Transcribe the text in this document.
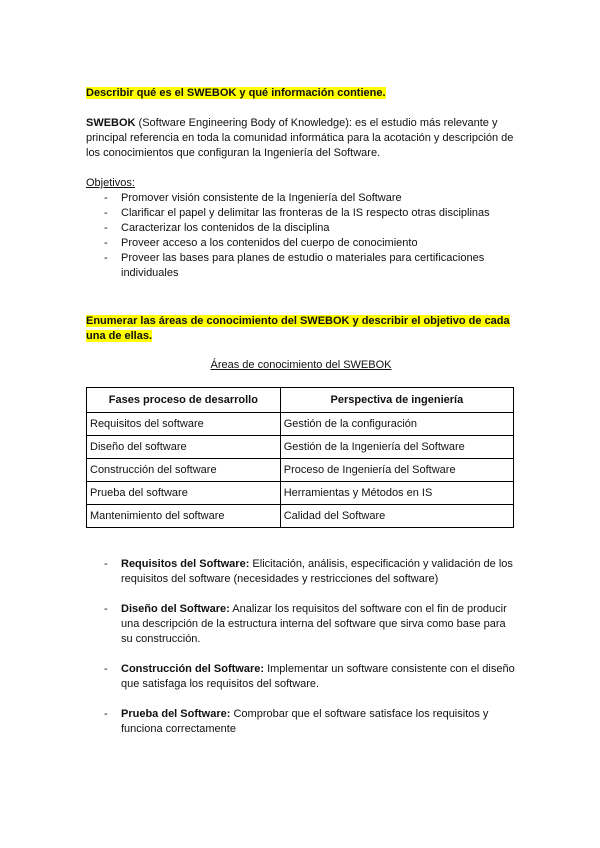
Describir qué es el SWEBOK y qué información contiene.

SWEBOK (Software Engineering Body of Knowledge): es el estudio más relevante y principal referencia en toda la comunidad informática para la acotación y descripción de los conocimientos que configuran la Ingeniería del Software.

Objetivos:

- Promover visión consistente de la Ingeniería del Software
- Clarificar el papel y delimitar las fronteras de la IS respecto otras disciplinas
- Caracterizar los contenidos de la disciplina
- Proveer acceso a los contenidos del cuerpo de conocimiento
- Proveer las bases para planes de estudio o materiales para certificaciones individuales

Enumerar las áreas de conocimiento del SWEBOK y describir el objetivo de cada una de ellas.

Áreas de conocimiento del SWEBOK

Fases proceso de desarrollo	Perspectiva de ingeniería
Requisitos del software	Gestión de la configuración
Diseño del software	Gestión de la Ingeniería del Software
Construcción del software	Proceso de Ingeniería del Software
Prueba del software	Herramientas y Métodos en IS
Mantenimiento del software	Calidad del Software
- Requisitos del Software: Elicitación, análisis, especificación y validación de los requisitos del software (necesidades y restricciones del software)
- Diseño del Software: Analizar los requisitos del software con el fin de producir una descripción de la estructura interna del software que sirva como base para su construcción.
- Construcción del Software: Implementar un software consistente con el diseño que satisfaga los requisitos del software.
- Prueba del Software: Comprobar que el software satisface los requisitos y funciona correctamente
